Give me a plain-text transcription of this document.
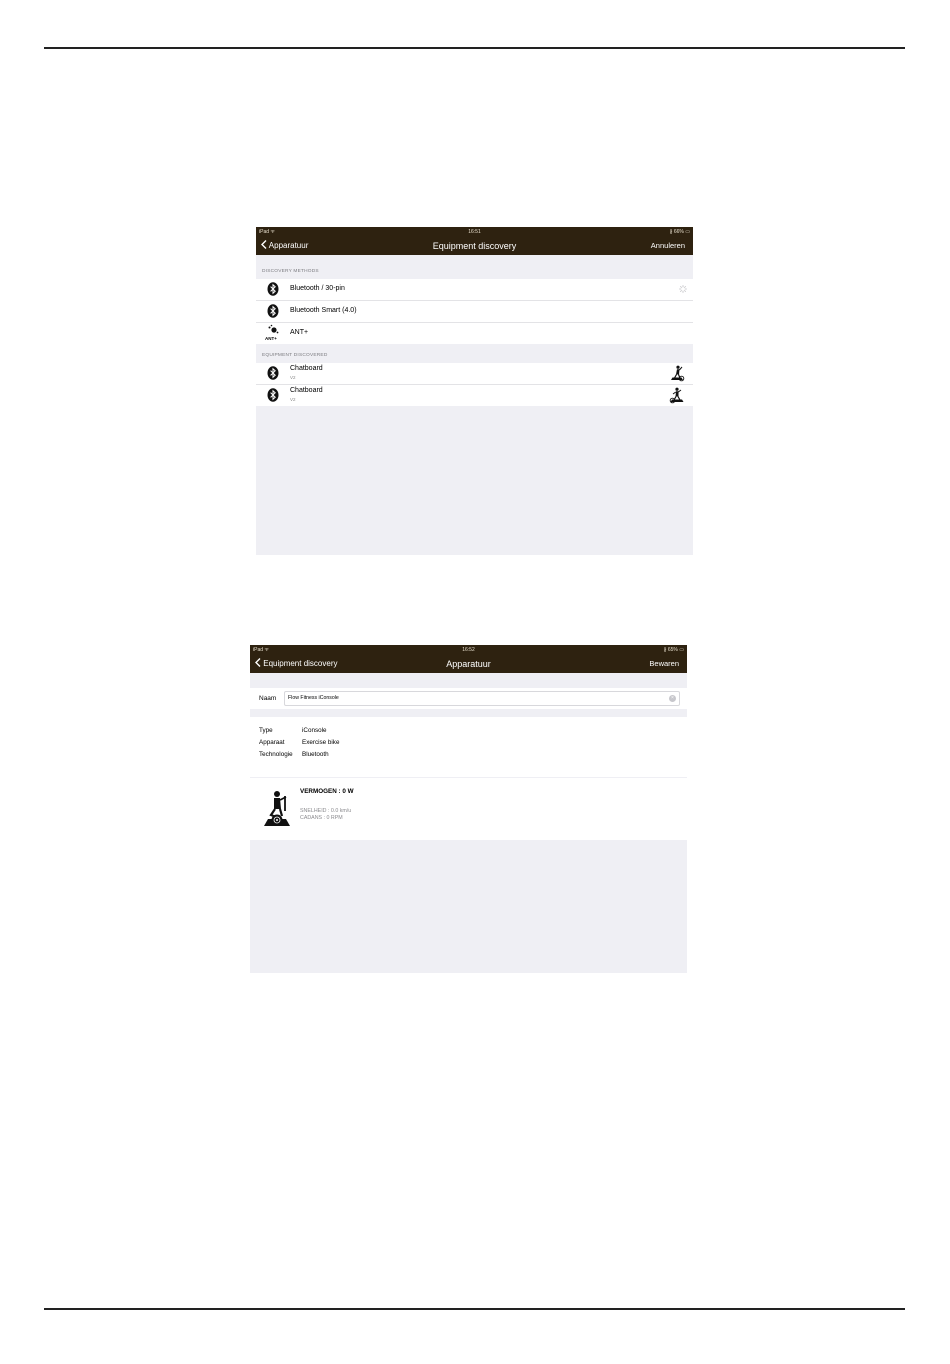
iPad ᯤ	16:51	∦ 66% ▭
Apparatuur	Equipment discovery	Annuleren
DISCOVERY METHODS
Bluetooth / 30-pin
Bluetooth Smart (4.0)
ANT+
ANT+
EQUIPMENT DISCOVERED
Chatboard
V2
Chatboard
V2
iPad ᯤ	16:52	∦ 65% ▭
Equipment discovery	Apparatuur	Bewaren
Naam Flow Fitness iConsole	×
Type	iConsole
Apparaat	Exercise bike
Technologie Bluetooth
VERMOGEN : 0 W
SNELHEID : 0.0 km/u
CADANS : 0 RPM
